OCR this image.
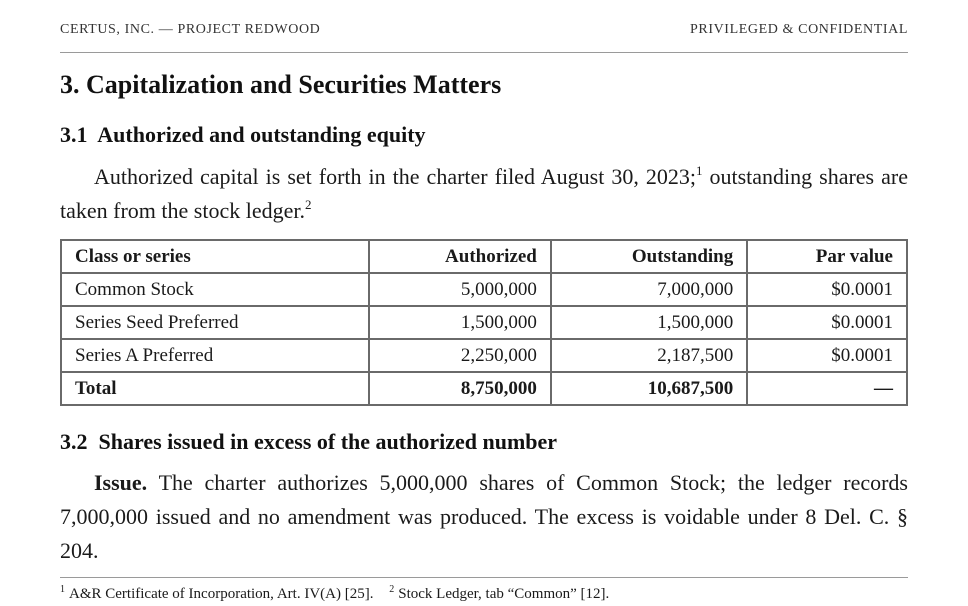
CERTUS, INC. — PROJECT REDWOOD	PRIVILEGED & CONFIDENTIAL
3. Capitalization and Securities Matters
3.1  Authorized and outstanding equity

Authorized capital is set forth in the charter filed August 30, 2023;$^1$ outstanding shares are taken from the stock ledger.$^2$

Class or series	Authorized	Outstanding	Par value
Common Stock	5,000,000	7,000,000	$0.0001
Series Seed Preferred	1,500,000	1,500,000	$0.0001
Series A Preferred	2,250,000	2,187,500	$0.0001
Total	8,750,000	10,687,500	—
3.2  Shares issued in excess of the authorized number

Issue. The charter authorizes 5,000,000 shares of Common Stock; the ledger records 7,000,000 issued and no amendment was produced. The excess is voidable under 8 Del. C. § 204.

$^1$ A&R Certificate of Incorporation, Art. IV(A) [25]. $^2$ Stock Ledger, tab “Common” [12].
